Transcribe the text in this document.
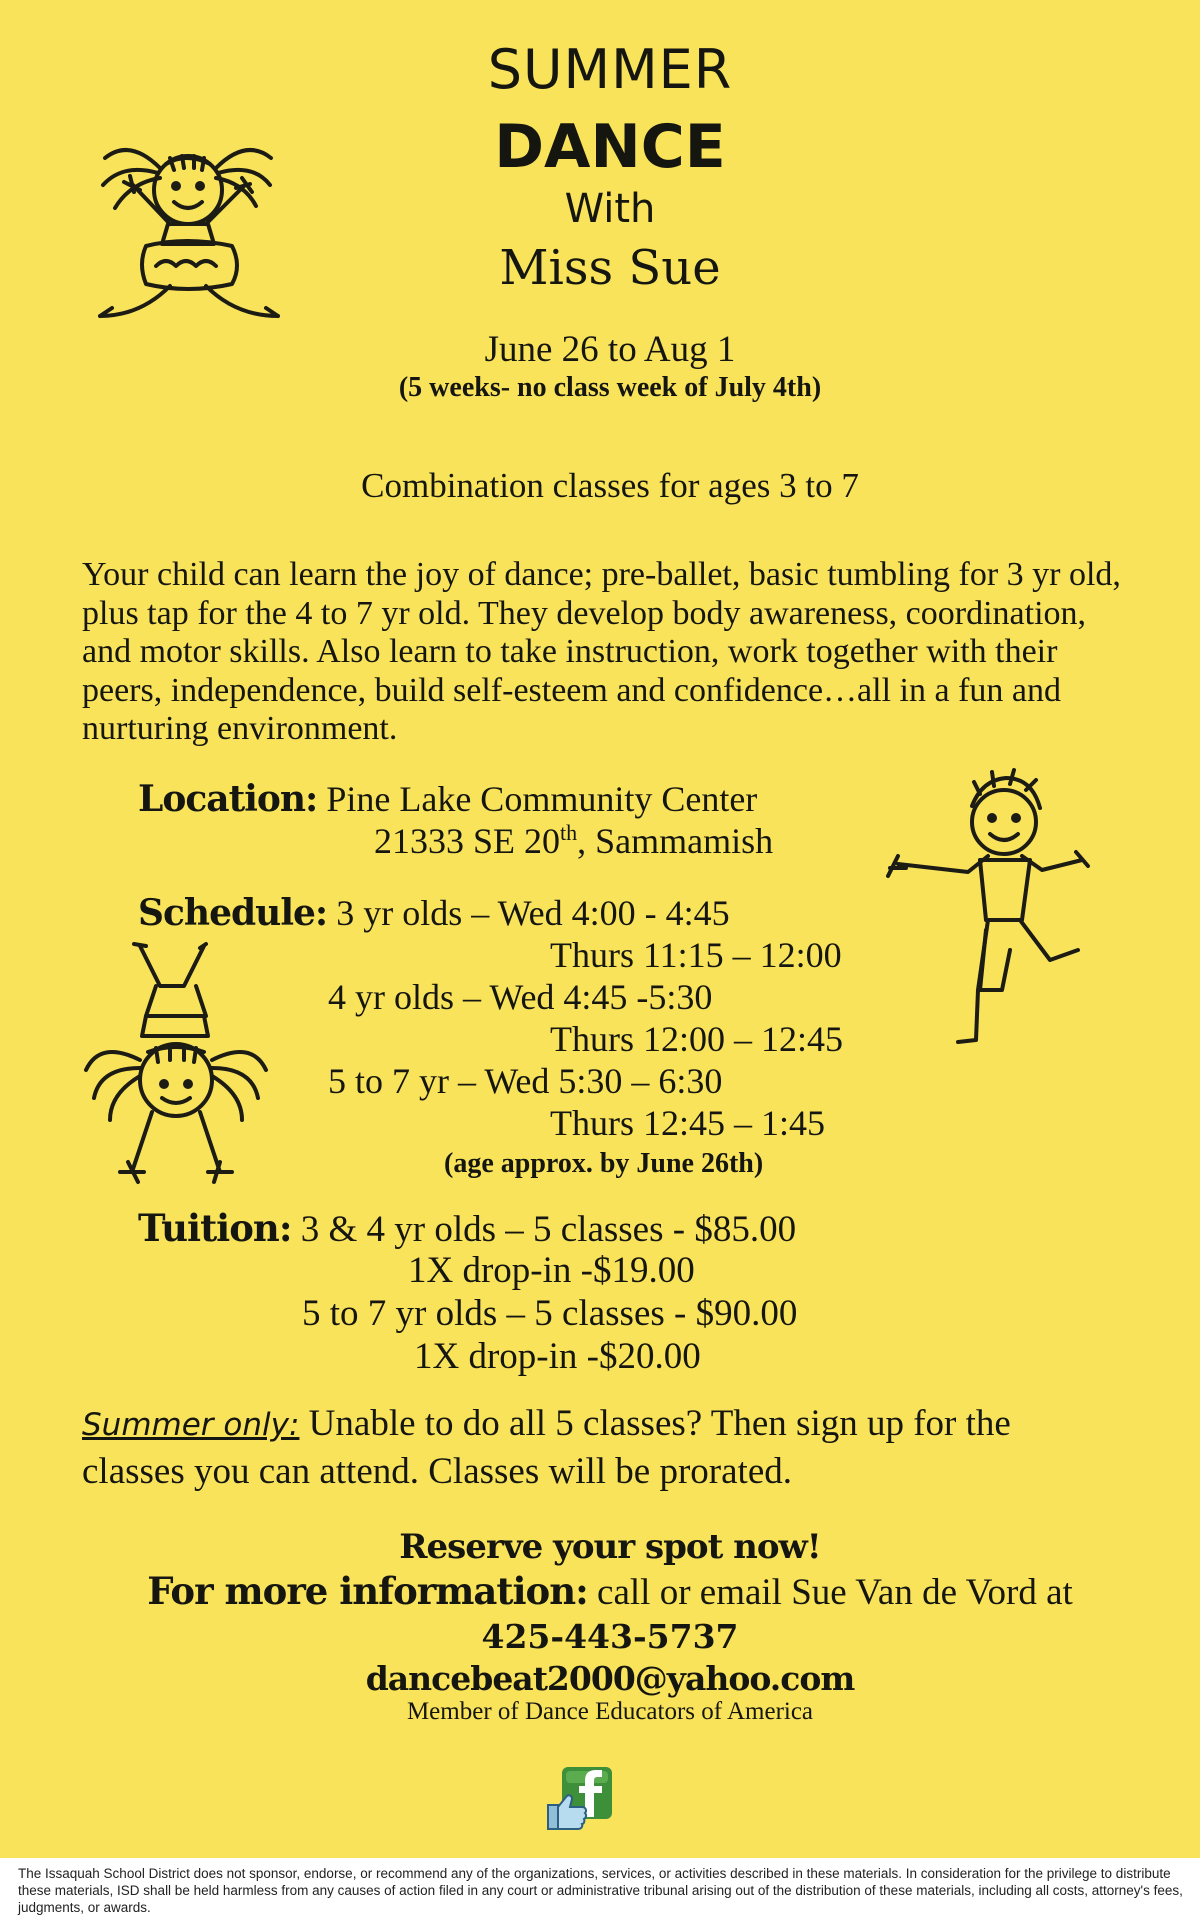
SUMMER
DANCE
With
Miss Sue
June 26 to Aug 1
(5 weeks- no class week of July 4th)
Combination classes for ages 3 to 7
Your child can learn the joy of dance; pre-ballet, basic tumbling for 3 yr old, plus tap for the 4 to 7 yr old. They develop body awareness, coordination, and motor skills. Also learn to take instruction, work together with their peers, independence, build self-esteem and confidence…all in a fun and nurturing environment.
Location: Pine Lake Community Center
21333 SE 20th, Sammamish
Schedule: 3 yr olds – Wed 4:00 - 4:45
Thurs 11:15 – 12:00
4 yr olds – Wed 4:45 -5:30
Thurs 12:00 – 12:45
5 to 7 yr – Wed 5:30 – 6:30
Thurs 12:45 – 1:45
(age approx. by June 26th)
Tuition: 3 & 4 yr olds – 5 classes - $85.00
1X drop-in -$19.00
5 to 7 yr olds – 5 classes - $90.00
1X drop-in -$20.00
Summer only: Unable to do all 5 classes? Then sign up for the
classes you can attend. Classes will be prorated.
Reserve your spot now!
For more information: call or email Sue Van de Vord at
425-443-5737
dancebeat2000@yahoo.com
Member of Dance Educators of America
The Issaquah School District does not sponsor, endorse, or recommend any of the organizations, services, or activities described in these materials. In consideration for the privilege to distribute these materials, ISD shall be held harmless from any causes of action filed in any court or administrative tribunal arising out of the distribution of these materials, including all costs, attorney's fees, judgments, or awards.
